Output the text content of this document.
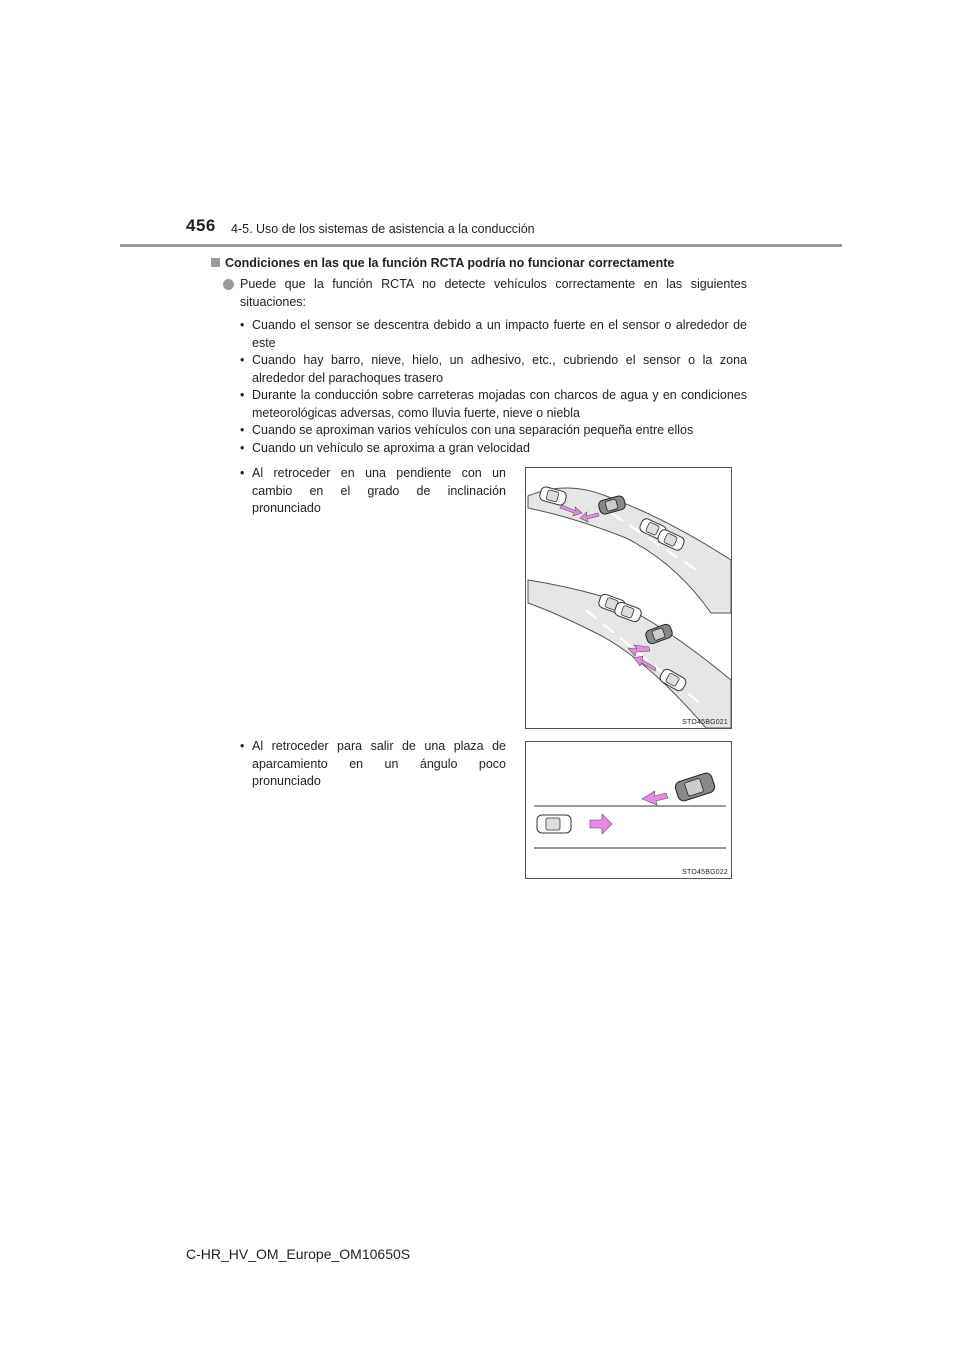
456 4-5. Uso de los sistemas de asistencia a la conducción
Condiciones en las que la función RCTA podría no funcionar correctamente
Puede que la función RCTA no detecte vehículos correctamente en las siguientes situaciones:
• Cuando el sensor se descentra debido a un impacto fuerte en el sensor o alrededor de este
• Cuando hay barro, nieve, hielo, un adhesivo, etc., cubriendo el sensor o la zona alrededor del parachoques trasero
• Durante la conducción sobre carreteras mojadas con charcos de agua y en condiciones meteorológicas adversas, como lluvia fuerte, nieve o niebla
• Cuando se aproximan varios vehículos con una separación pequeña entre ellos
• Cuando un vehículo se aproxima a gran velocidad
• Al retroceder en una pendiente con un cambio en el grado de inclinación pronunciado
STO45BG021
• Al retroceder para salir de una plaza de aparcamiento en un ángulo poco pronunciado
STO45BG022
C-HR_HV_OM_Europe_OM10650S
